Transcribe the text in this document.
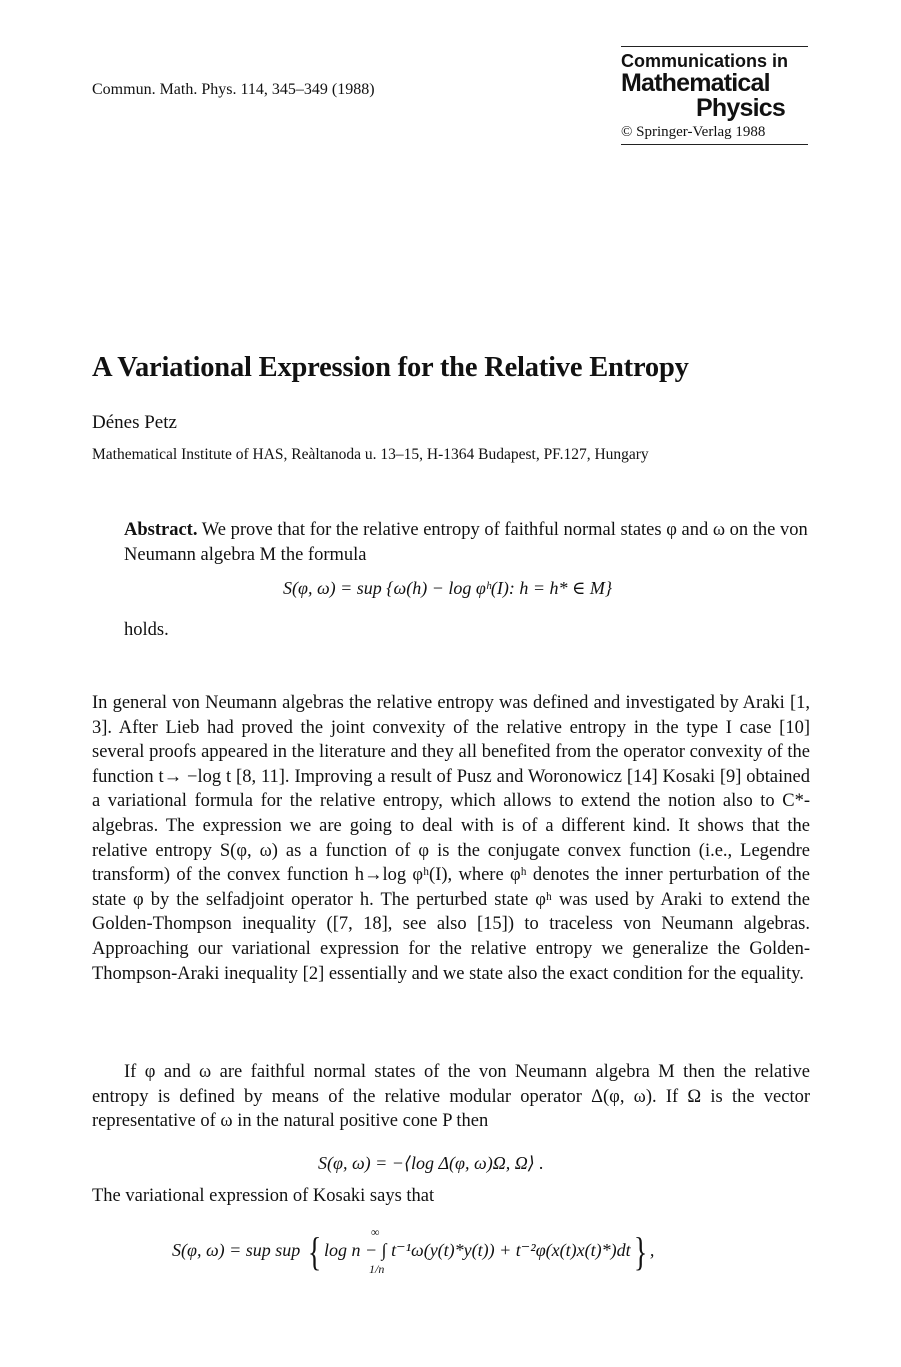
Commun. Math. Phys. 114, 345–349 (1988)
Communications in
Mathematical
Physics
© Springer-Verlag 1988
A Variational Expression for the Relative Entropy
Dénes Petz
Mathematical Institute of HAS, Reàltanoda u. 13–15, H-1364 Budapest, PF.127, Hungary
Abstract. We prove that for the relative entropy of faithful normal states φ and ω on the von Neumann algebra M the formula
S(φ, ω) = sup {ω(h) − log φʰ(I): h = h* ∈ M}
holds.
In general von Neumann algebras the relative entropy was defined and investigated by Araki [1, 3]. After Lieb had proved the joint convexity of the relative entropy in the type I case [10] several proofs appeared in the literature and they all benefited from the operator convexity of the function t→ −log t [8, 11]. Improving a result of Pusz and Woronowicz [14] Kosaki [9] obtained a variational formula for the relative entropy, which allows to extend the notion also to C*-algebras. The expression we are going to deal with is of a different kind. It shows that the relative entropy S(φ, ω) as a function of φ is the conjugate convex function (i.e., Legendre transform) of the convex function h→log φʰ(I), where φʰ denotes the inner perturbation of the state φ by the selfadjoint operator h. The perturbed state φʰ was used by Araki to extend the Golden-Thompson inequality ([7, 18], see also [15]) to traceless von Neumann algebras. Approaching our variational expression for the relative entropy we generalize the Golden-Thompson-Araki inequality [2] essentially and we state also the exact condition for the equality.
If φ and ω are faithful normal states of the von Neumann algebra M then the relative entropy is defined by means of the relative modular operator Δ(φ, ω). If Ω is the vector representative of ω in the natural positive cone P then
S(φ, ω) = −⟨log Δ(φ, ω)Ω, Ω⟩ .
The variational expression of Kosaki says that
S(φ, ω) = sup sup { log n − ∫ t⁻¹ω(y(t)*y(t)) + t⁻²φ(x(t)x(t)*)dt} ,
∞
1/n
